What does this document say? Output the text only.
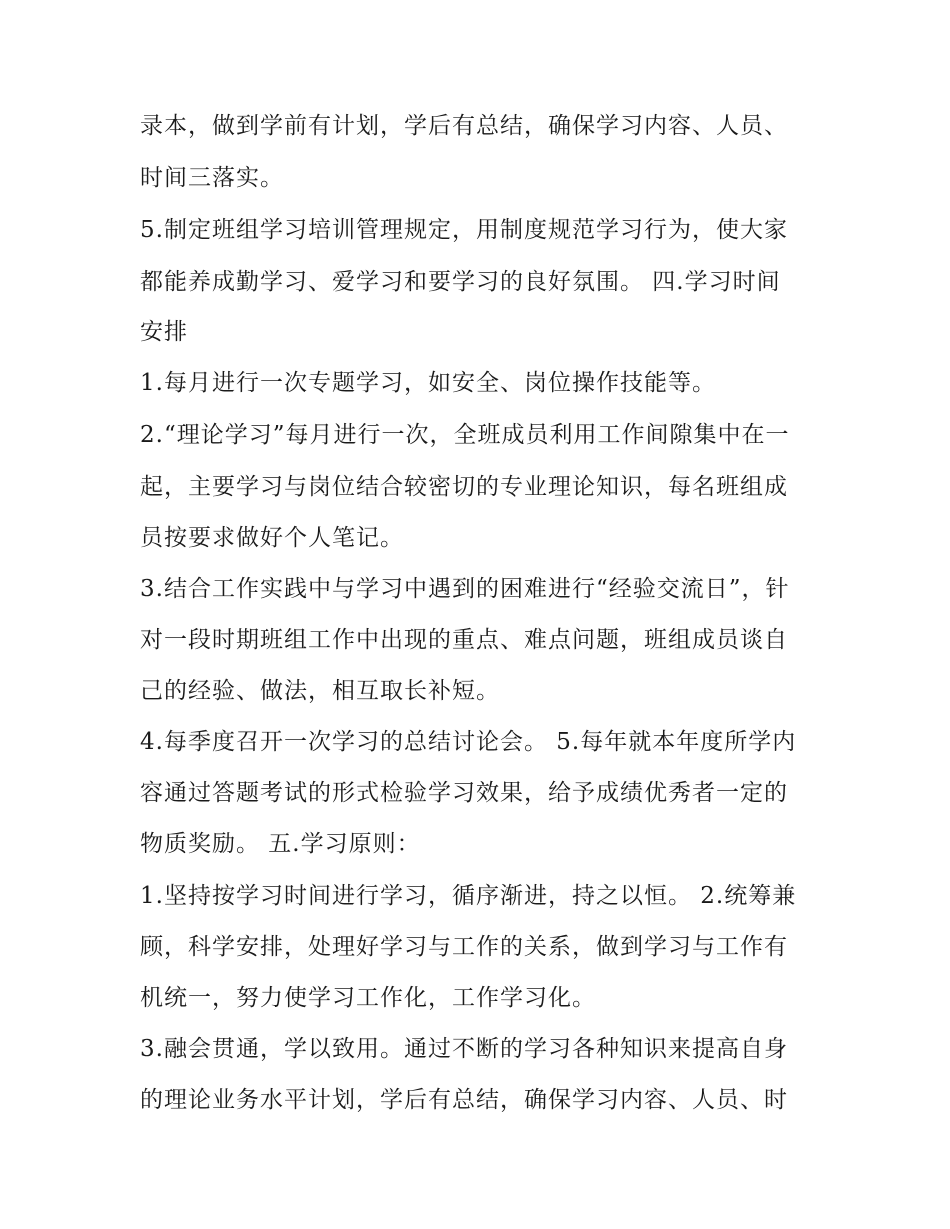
录本，做到学前有计划，学后有总结，确保学习内容、人员、
时间三落实。
5.制定班组学习培训管理规定，用制度规范学习行为，使大家
都能养成勤学习、爱学习和要学习的良好氛围。 四.学习时间
安排
1.每月进行一次专题学习，如安全、岗位操作技能等。
2.“理论学习”每月进行一次，全班成员利用工作间隙集中在一
起，主要学习与岗位结合较密切的专业理论知识，每名班组成
员按要求做好个人笔记。
3.结合工作实践中与学习中遇到的困难进行“经验交流日”，针
对一段时期班组工作中出现的重点、难点问题，班组成员谈自
己的经验、做法，相互取长补短。
4.每季度召开一次学习的总结讨论会。 5.每年就本年度所学内
容通过答题考试的形式检验学习效果，给予成绩优秀者一定的
物质奖励。 五.学习原则：
1.坚持按学习时间进行学习，循序渐进，持之以恒。 2.统筹兼
顾，科学安排，处理好学习与工作的关系，做到学习与工作有
机统一，努力使学习工作化，工作学习化。
3.融会贯通，学以致用。通过不断的学习各种知识来提高自身
的理论业务水平计划，学后有总结，确保学习内容、人员、时
